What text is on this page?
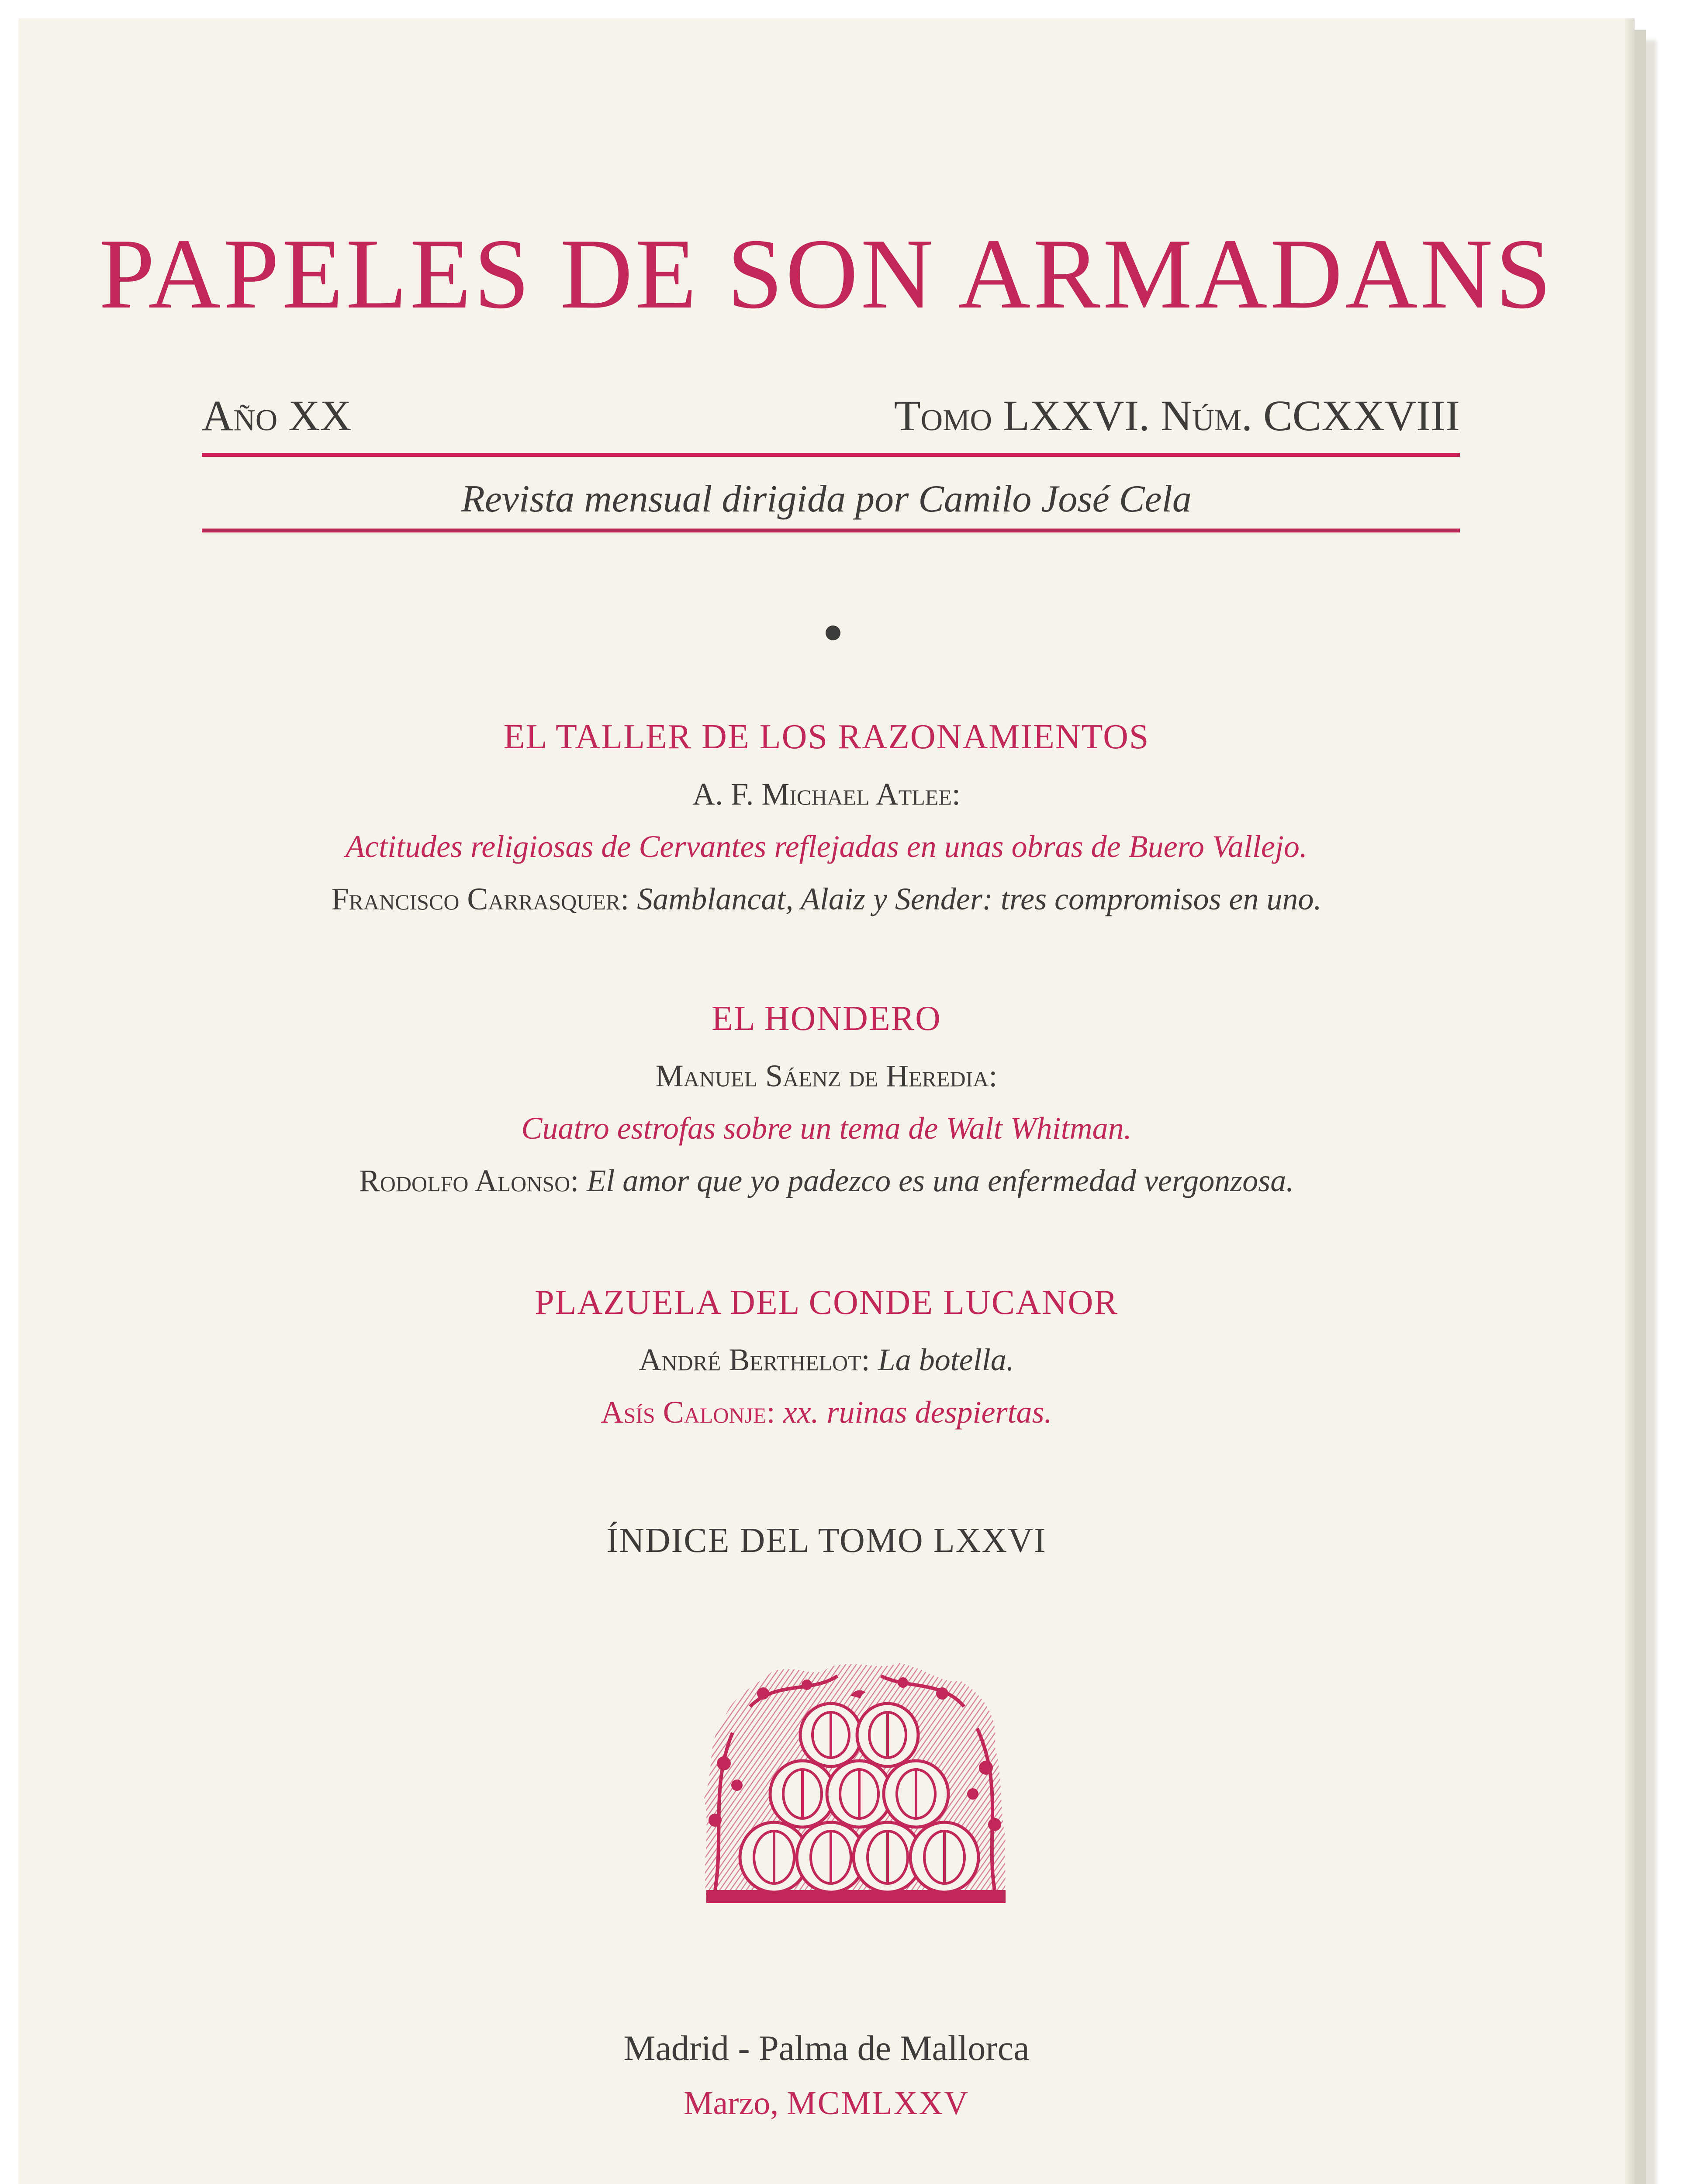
PAPELES DE SON ARMADANS
Año XX	Tomo LXXVI. Núm. CCXXVIII
Revista mensual dirigida por Camilo José Cela
EL TALLER DE LOS RAZONAMIENTOS
A. F. Michael Atlee:
Actitudes religiosas de Cervantes reflejadas en unas obras de Buero Vallejo.
Francisco Carrasquer: Samblancat, Alaiz y Sender: tres compromisos en uno.
EL HONDERO
Manuel Sáenz de Heredia:
Cuatro estrofas sobre un tema de Walt Whitman.
Rodolfo Alonso: El amor que yo padezco es una enfermedad vergonzosa.
PLAZUELA DEL CONDE LUCANOR
André Berthelot: La botella.
Asís Calonje: xx. ruinas despiertas.
ÍNDICE DEL TOMO LXXVI
Madrid - Palma de Mallorca
Marzo, MCMLXXV
